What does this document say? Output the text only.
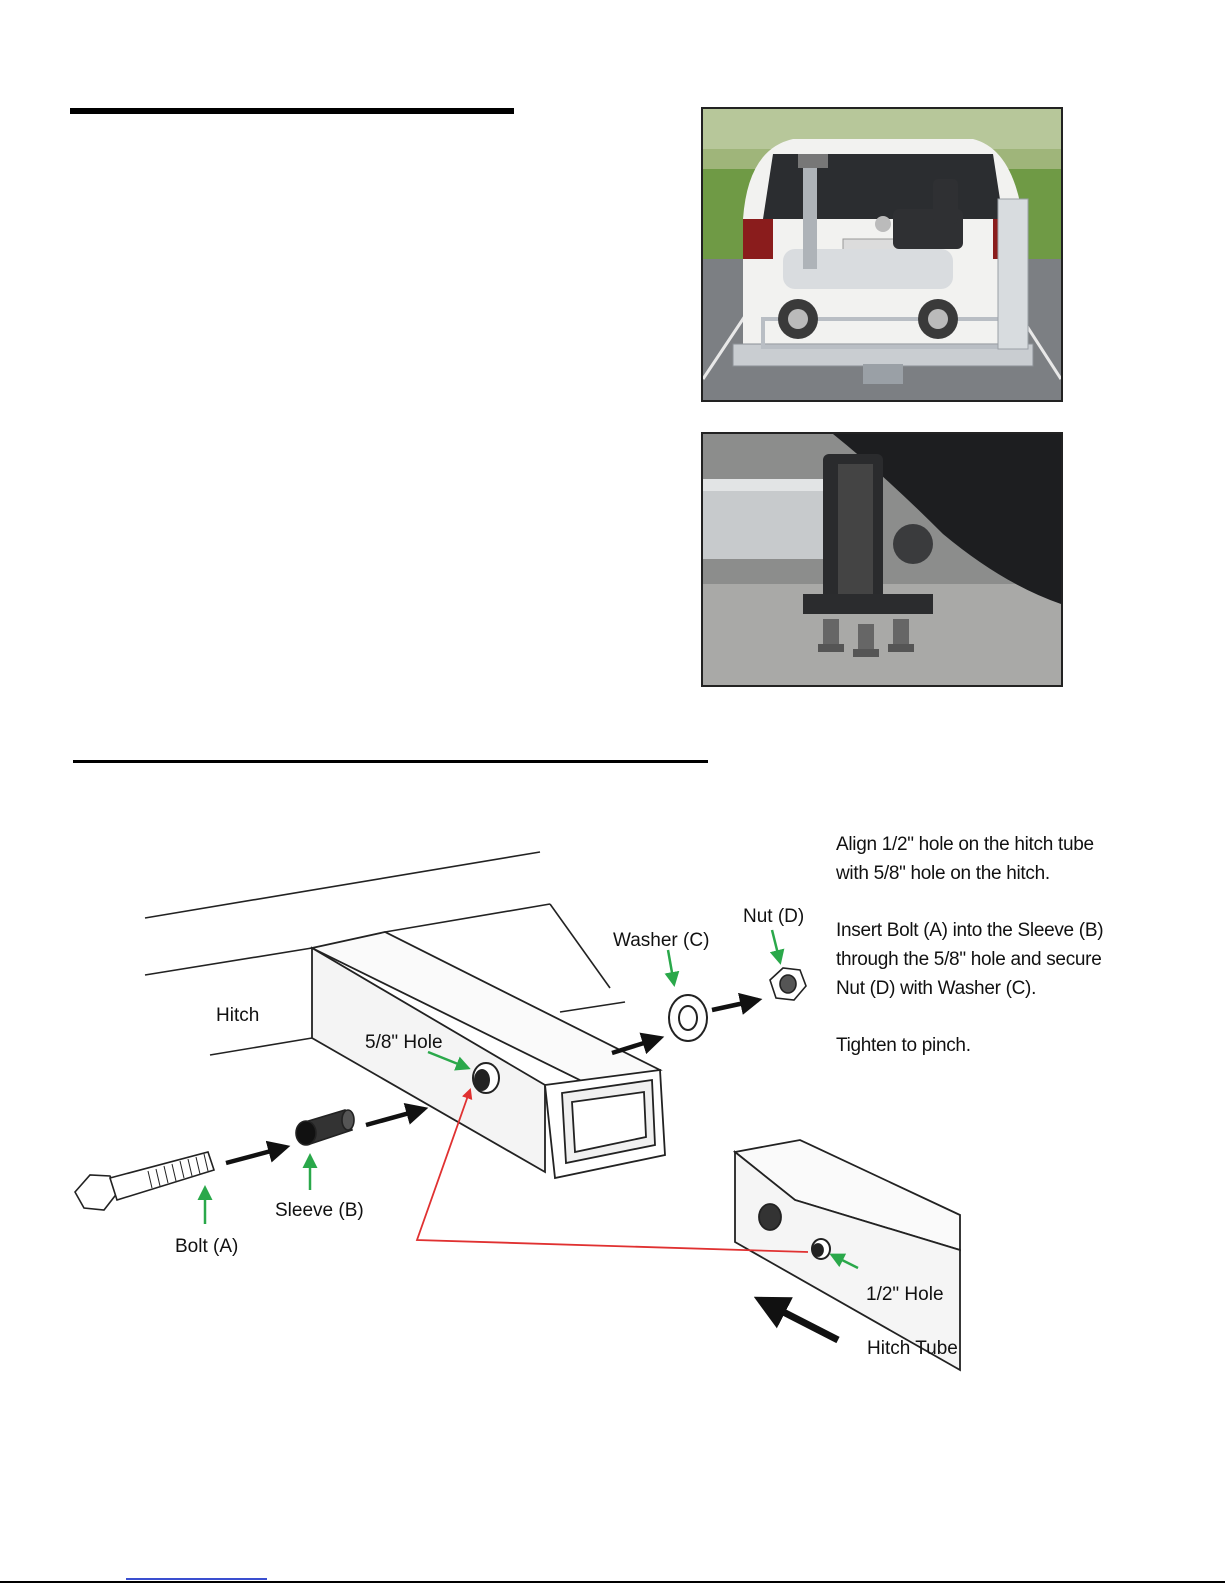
Hitch
5/8" Hole
Washer (C)
Nut (D)
Sleeve (B)
Bolt (A)
1/2" Hole
Hitch Tube

Align 1/2" hole on the hitch tube
with 5/8" hole on the hitch.

Insert Bolt (A) into the Sleeve (B)
through the 5/8" hole and secure
Nut (D) with Washer (C).

Tighten to pinch.
